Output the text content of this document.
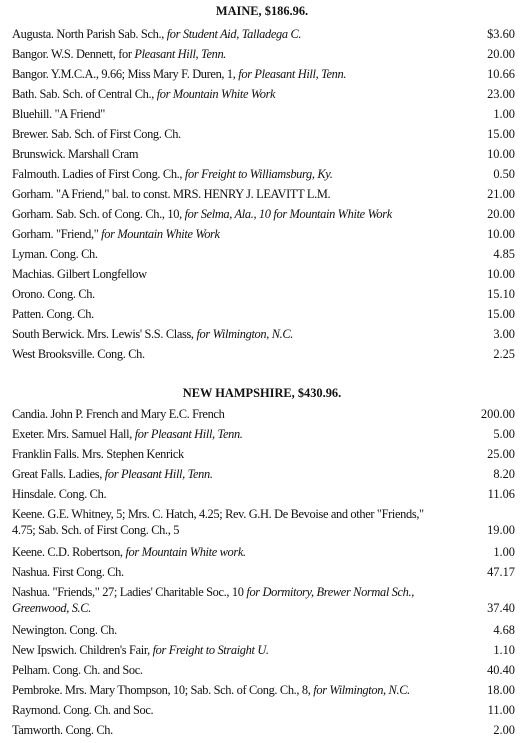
MAINE, $186.96.
Augusta. North Parish Sab. Sch., for Student Aid, Talladega C.	$3.60
Bangor. W.S. Dennett, for Pleasant Hill, Tenn.	20.00
Bangor. Y.M.C.A., 9.66; Miss Mary F. Duren, 1, for Pleasant Hill, Tenn.	10.66
Bath. Sab. Sch. of Central Ch., for Mountain White Work	23.00
Bluehill. "A Friend"	1.00
Brewer. Sab. Sch. of First Cong. Ch.	15.00
Brunswick. Marshall Cram	10.00
Falmouth. Ladies of First Cong. Ch., for Freight to Williamsburg, Ky.	0.50
Gorham. "A Friend," bal. to const. MRS. HENRY J. LEAVITT L.M.	21.00
Gorham. Sab. Sch. of Cong. Ch., 10, for Selma, Ala., 10 for Mountain White Work	20.00
Gorham. "Friend," for Mountain White Work	10.00
Lyman. Cong. Ch.	4.85
Machias. Gilbert Longfellow	10.00
Orono. Cong. Ch.	15.10
Patten. Cong. Ch.	15.00
South Berwick. Mrs. Lewis' S.S. Class, for Wilmington, N.C.	3.00
West Brooksville. Cong. Ch.	2.25
NEW HAMPSHIRE, $430.96.
Candia. John P. French and Mary E.C. French	200.00
Exeter. Mrs. Samuel Hall, for Pleasant Hill, Tenn.	5.00
Franklin Falls. Mrs. Stephen Kenrick	25.00
Great Falls. Ladies, for Pleasant Hill, Tenn.	8.20
Hinsdale. Cong. Ch.	11.06
Keene. G.E. Whitney, 5; Mrs. C. Hatch, 4.25; Rev. G.H. De Bevoise and other "Friends," 4.75; Sab. Sch. of First Cong. Ch., 5	19.00
Keene. C.D. Robertson, for Mountain White work.	1.00
Nashua. First Cong. Ch.	47.17
Nashua. "Friends," 27; Ladies' Charitable Soc., 10 for Dormitory, Brewer Normal Sch., Greenwood, S.C.	37.40
Newington. Cong. Ch.	4.68
New Ipswich. Children's Fair, for Freight to Straight U.	1.10
Pelham. Cong. Ch. and Soc.	40.40
Pembroke. Mrs. Mary Thompson, 10; Sab. Sch. of Cong. Ch., 8, for Wilmington, N.C.	18.00
Raymond. Cong. Ch. and Soc.	11.00
Tamworth. Cong. Ch.	2.00
